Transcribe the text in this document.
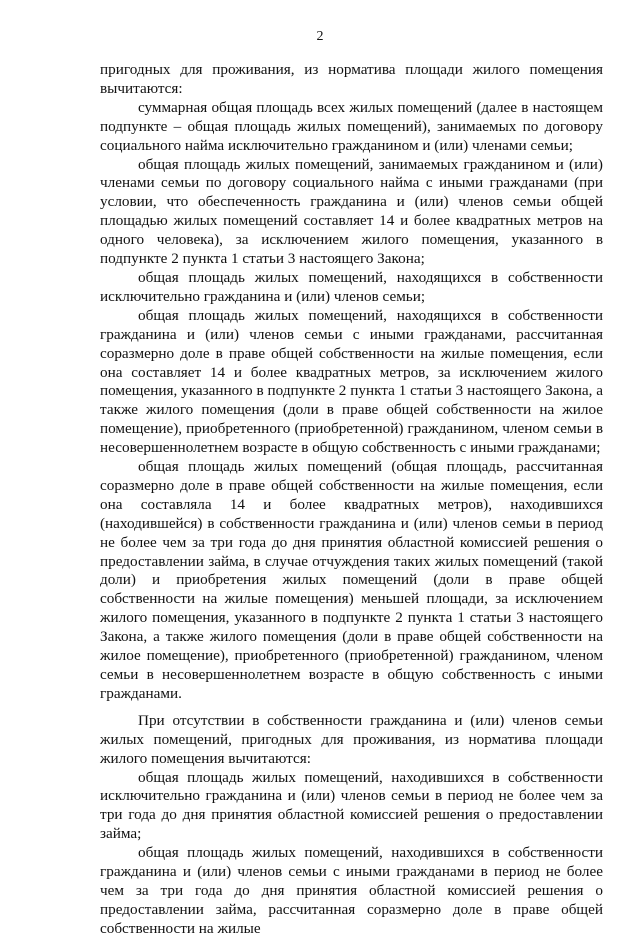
2

пригодных для проживания, из норматива площади жилого помещения вычитаются:

суммарная общая площадь всех жилых помещений (далее в настоящем подпункте – общая площадь жилых помещений), занимаемых по договору социального найма исключительно гражданином и (или) членами семьи;

общая площадь жилых помещений, занимаемых гражданином и (или) членами семьи по договору социального найма с иными гражданами (при условии, что обеспеченность гражданина и (или) членов семьи общей площадью жилых помещений составляет 14 и более квадратных метров на одного человека), за исключением жилого помещения, указанного в подпункте 2 пункта 1 статьи 3 настоящего Закона;

общая площадь жилых помещений, находящихся в собственности исключительно гражданина и (или) членов семьи;

общая площадь жилых помещений, находящихся в собственности гражданина и (или) членов семьи с иными гражданами, рассчитанная соразмерно доле в праве общей собственности на жилые помещения, если она составляет 14 и более квадратных метров, за исключением жилого помещения, указанного в подпункте 2 пункта 1 статьи 3 настоящего Закона, а также жилого помещения (доли в праве общей собственности на жилое помещение), приобретенного (приобретенной) гражданином, членом семьи в несовершеннолетнем возрасте в общую собственность с иными гражданами;

общая площадь жилых помещений (общая площадь, рассчитанная соразмерно доле в праве общей собственности на жилые помещения, если она составляла 14 и более квадратных метров), находившихся (находившейся) в собственности гражданина и (или) членов семьи в период не более чем за три года до дня принятия областной комиссией решения о предоставлении займа, в случае отчуждения таких жилых помещений (такой доли) и приобретения жилых помещений (доли в праве общей собственности на жилые помещения) меньшей площади, за исключением жилого помещения, указанного в подпункте 2 пункта 1 статьи 3 настоящего Закона, а также жилого помещения (доли в праве общей собственности на жилое помещение), приобретенного (приобретенной) гражданином, членом семьи в несовершеннолетнем возрасте в общую собственность с иными гражданами.

При отсутствии в собственности гражданина и (или) членов семьи жилых помещений, пригодных для проживания, из норматива площади жилого помещения вычитаются:

общая площадь жилых помещений, находившихся в собственности исключительно гражданина и (или) членов семьи в период не более чем за три года до дня принятия областной комиссией решения о предоставлении займа;

общая площадь жилых помещений, находившихся в собственности гражданина и (или) членов семьи с иными гражданами в период не более чем за три года до дня принятия областной комиссией решения о предоставлении займа, рассчитанная соразмерно доле в праве общей собственности на жилые
